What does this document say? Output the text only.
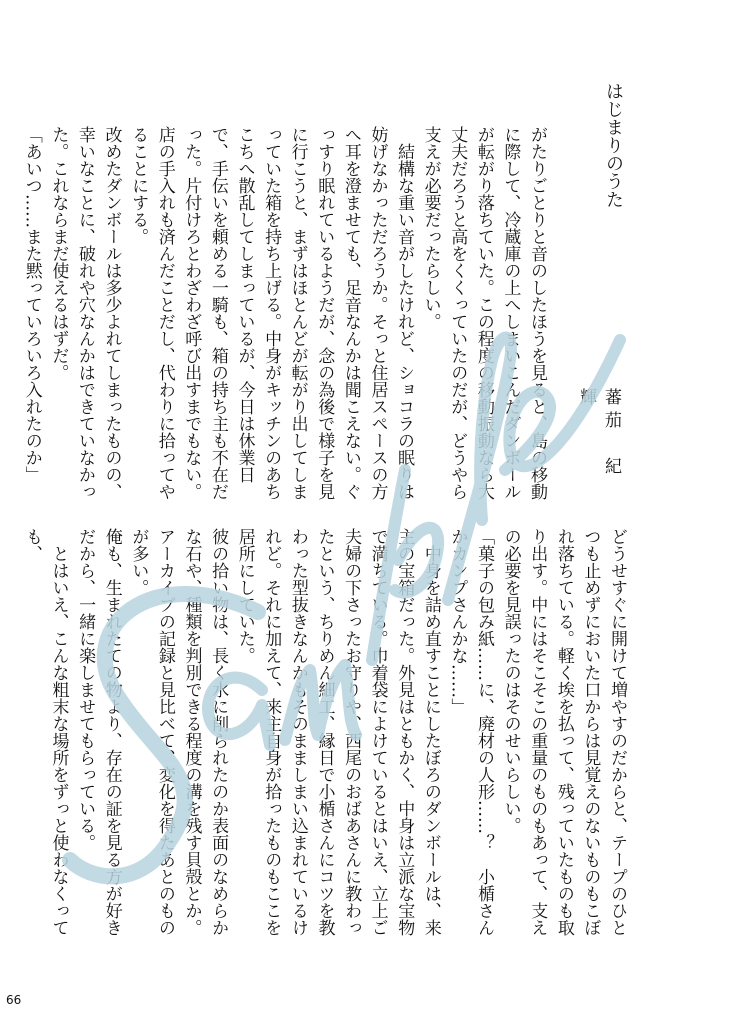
はじまりのうた
蕃茄　紀輝
がたりごとりと音のしたほうを見ると、島の移動に際して、冷蔵庫の上へしまいこんだダンボールが転がり落ちていた。この程度の移動振動なら大丈夫だろうと高をくくっていたのだが、どうやら支えが必要だったらしい。
　結構な重い音がしたけれど、ショコラの眠りは妨げなかっただろうか。そっと住居スペースの方へ耳を澄ませても、足音なんかは聞こえない。ぐっすり眠れているようだが、念の為後で様子を見に行こうと、まずはほとんどが転がり出してしまっていた箱を持ち上げる。中身がキッチンのあちこちへ散乱してしまっているが、今日は休業日で、手伝いを頼める一騎も、箱の持ち主も不在だった。片付けろとわざわざ呼び出すまでもない。店の手入れも済んだことだし、代わりに拾ってやることにする。
改めたダンボールは多少よれてしまったものの、幸いなことに、破れや穴なんかはできていなかった。これならまだ使えるはずだ。
「あいつ……また黙っていろいろ入れたのか」
どうせすぐに開けて増やすのだからと、テープのひとつも止めずにおいた口からは見覚えのないものもこぼれ落ちている。軽く埃を払って、残っていたものも取り出す。中にはそこそこの重量のものもあって、支えの必要を見誤ったのはそのせいらしい。
「菓子の包み紙……に、廃材の人形……？　小楯さんかカンプさんかな……」
　中身を詰め直すことにしたぼろのダンボールは、来主の宝箱だった。外見はともかく、中身は立派な宝物で満ちている。巾着袋によけているとはいえ、立上ご夫婦の下さったお守りや、西尾のおばあさんに教わったという、ちりめん細工、縁日で小楯さんにコツを教わった型抜きなんかもそのまましまい込まれているけれど。それに加えて、来主自身が拾ったものもここを居所にしていた。
彼の拾い物は、長く水に削られたのか表面のなめらかな石や、種類を判別できる程度の溝を残す貝殻とか。アーカイブの記録と見比べて、変化を得たあとのものが多い。
俺も、生まれたての物より、存在の証を見る方が好きだから、一緒に楽しませてもらっている。
　とはいえ、こんな粗末な場所をずっと使わなくっても、
66
